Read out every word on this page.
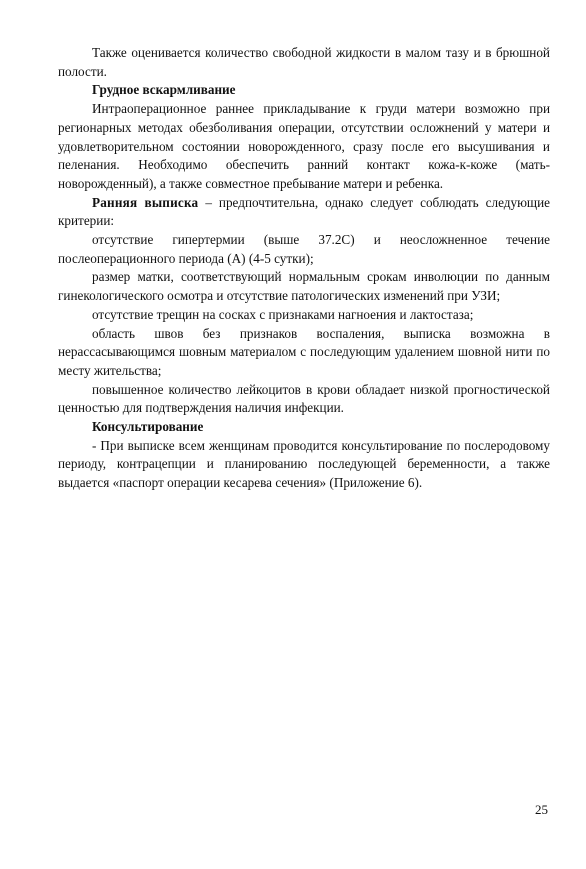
Также оценивается количество свободной жидкости в малом тазу и в брюшной полости.

Грудное вскармливание

Интраоперационное раннее прикладывание к груди матери возможно при регионарных методах обезболивания операции, отсутствии осложнений у матери и удовлетворительном состоянии новорожденного, сразу после его высушивания и пеленания. Необходимо обеспечить ранний контакт кожа-к-коже (мать-новорожденный), а также совместное пребывание матери и ребенка.

Ранняя выписка – предпочтительна, однако следует соблюдать следующие критерии:

отсутствие гипертермии (выше 37.2С) и неосложненное течение послеоперационного периода (А) (4-5 сутки);

размер матки, соответствующий нормальным срокам инволюции по данным гинекологического осмотра и отсутствие патологических изменений при УЗИ;

отсутствие трещин на сосках с признаками нагноения и лактостаза;

область швов без признаков воспаления, выписка возможна в нерассасывающимся шовным материалом с последующим удалением шовной нити по месту жительства;

повышенное количество лейкоцитов в крови обладает низкой прогностической ценностью для подтверждения наличия инфекции.

Консультирование

- При выписке всем женщинам проводится консультирование по послеродовому периоду, контрацепции и планированию последующей беременности, а также выдается «паспорт операции кесарева сечения» (Приложение 6).

25
